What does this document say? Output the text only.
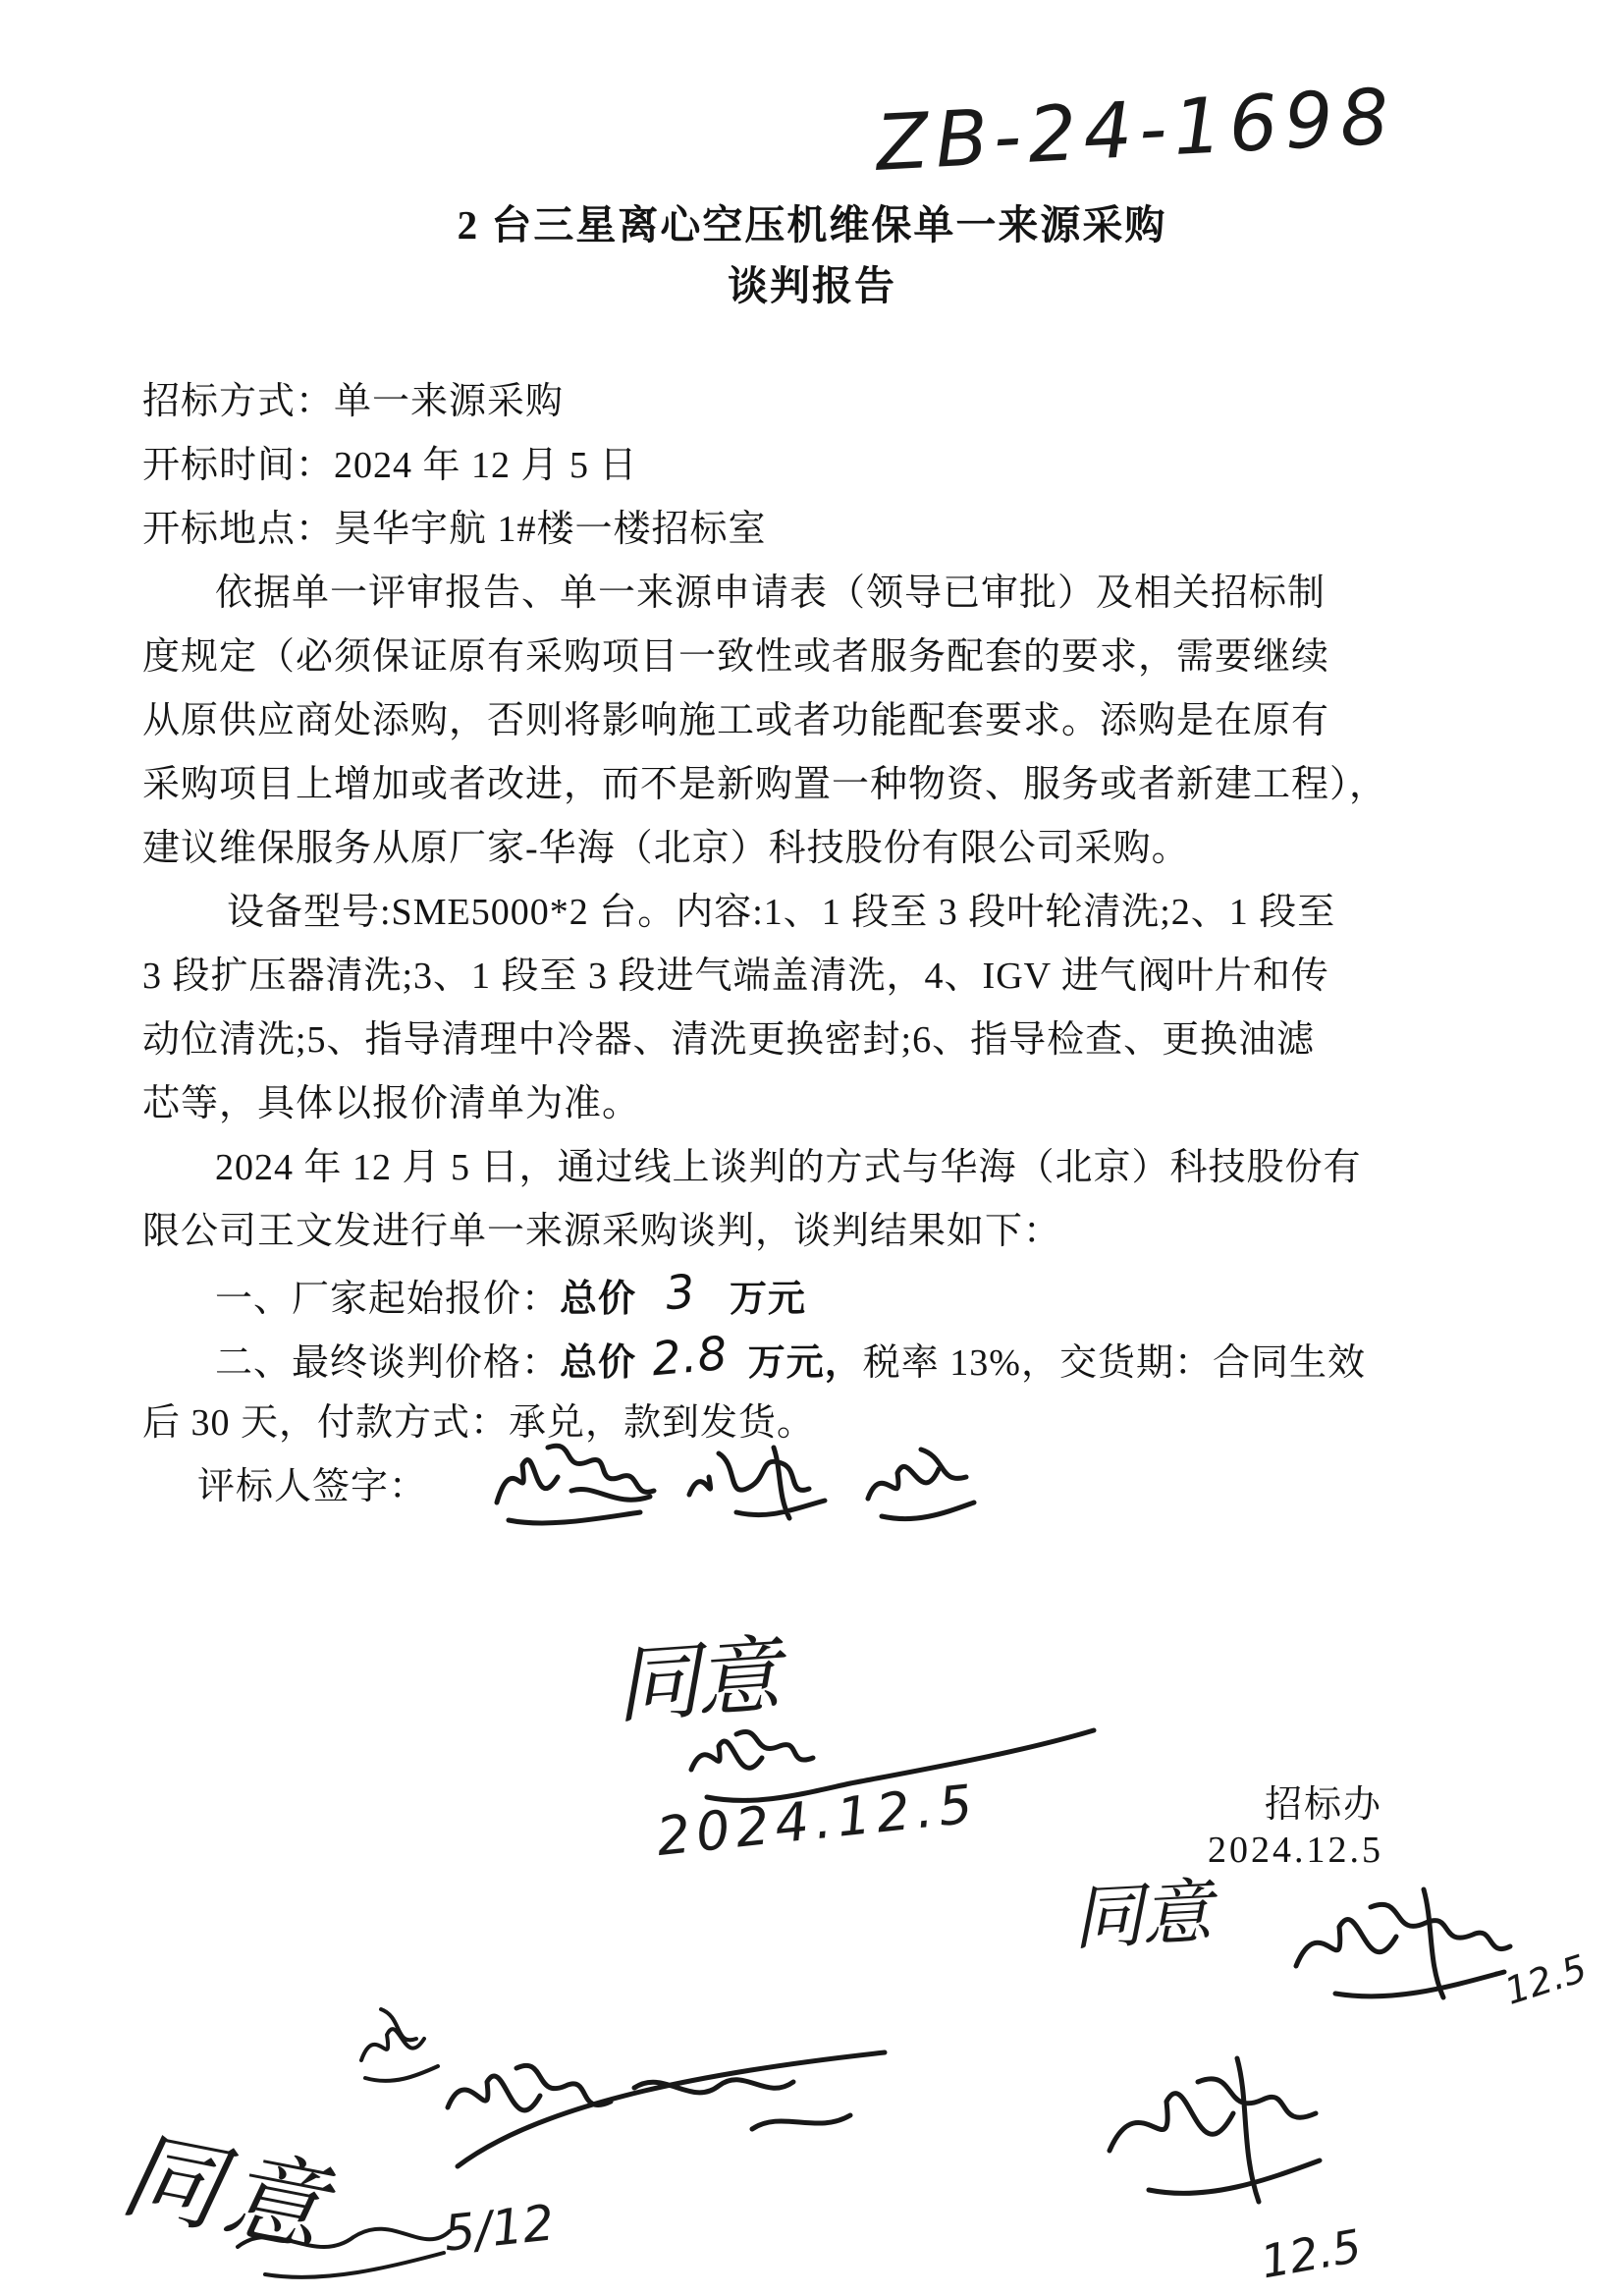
ZB-24-1698
2 台三星离心空压机维保单一来源采购
谈判报告
招标方式：单一来源采购
开标时间：2024 年 12 月 5 日
开标地点：昊华宇航 1#楼一楼招标室
依据单一评审报告、单一来源申请表（领导已审批）及相关招标制
度规定（必须保证原有采购项目一致性或者服务配套的要求，需要继续
从原供应商处添购，否则将影响施工或者功能配套要求。添购是在原有
采购项目上增加或者改进，而不是新购置一种物资、服务或者新建工程），
建议维保服务从原厂家-华海（北京）科技股份有限公司采购。
设备型号:SME5000*2 台。内容:1、1 段至 3 段叶轮清洗;2、1 段至
3 段扩压器清洗;3、1 段至 3 段进气端盖清洗，4、IGV 进气阀叶片和传
动位清洗;5、指导清理中冷器、清洗更换密封;6、指导检查、更换油滤
芯等，具体以报价清单为准。
2024 年 12 月 5 日，通过线上谈判的方式与华海（北京）科技股份有
限公司王文发进行单一来源采购谈判，谈判结果如下：
一、厂家起始报价：总价 3 万元
二、最终谈判价格：总价 2.8 万元，税率 13%，交货期：合同生效
后 30 天，付款方式：承兑，款到发货。
评标人签字：
同意
2024.12.5	招标办
2024.12.5
同意
12.5
同意 5/12	12.5
